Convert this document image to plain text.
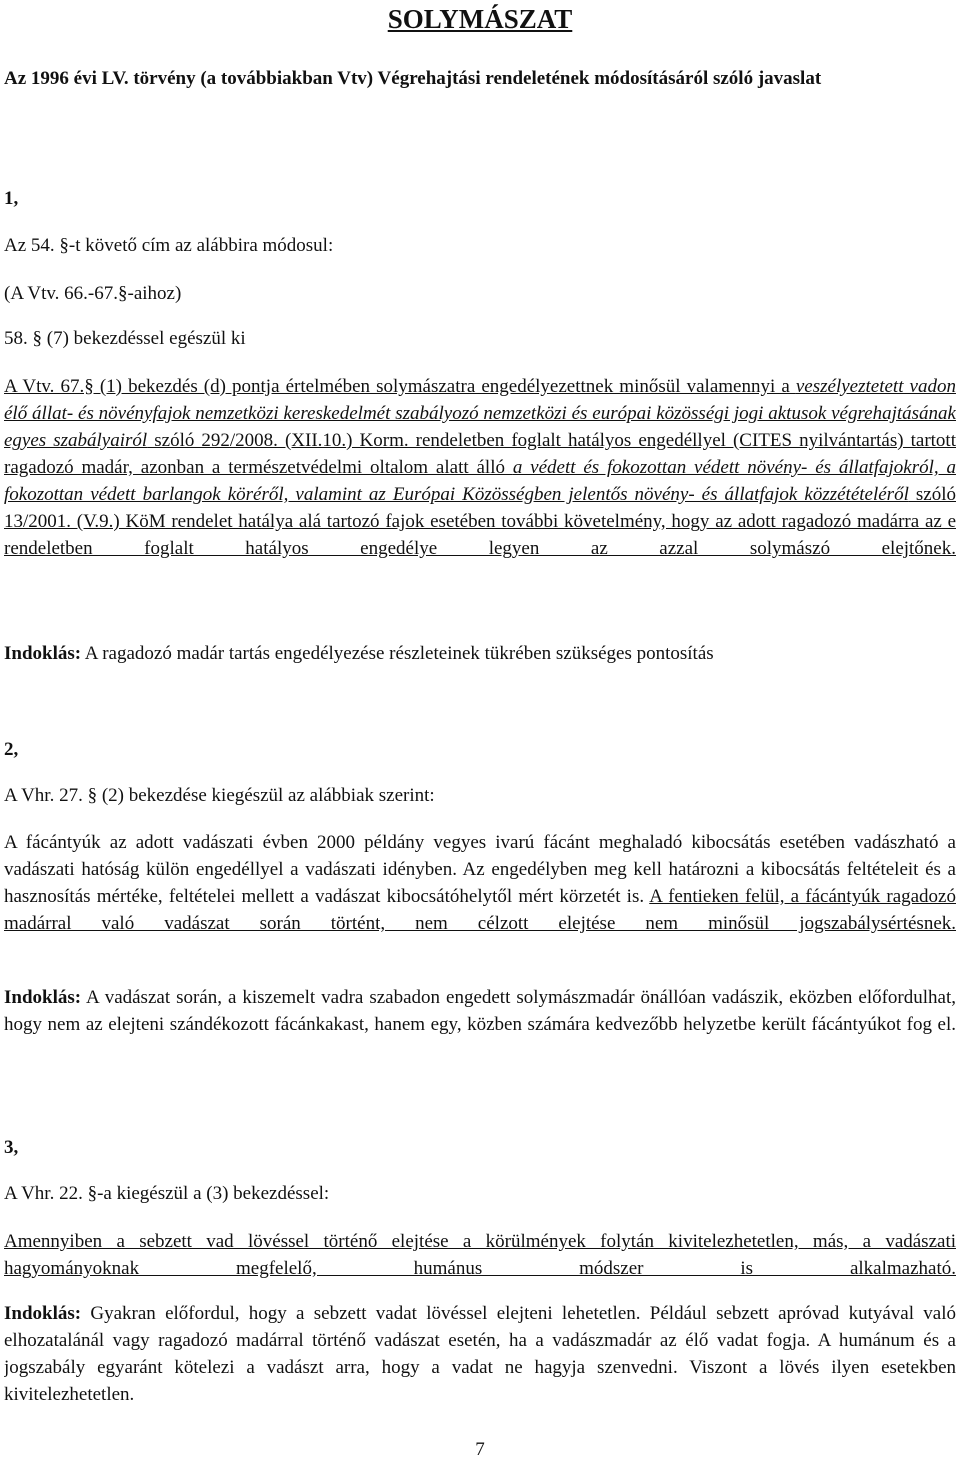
SOLYMÁSZAT

Az 1996 évi LV. törvény (a továbbiakban Vtv) Végrehajtási rendeletének módosításáról szóló javaslat

1,

Az 54. §-t követő cím az alábbira módosul:

(A Vtv. 66.-67.§-aihoz)

58. § (7) bekezdéssel egészül ki

A Vtv. 67.§ (1) bekezdés (d) pontja értelmében solymászatra engedélyezettnek minősül valamennyi a veszélyeztetett vadon élő állat- és növényfajok nemzetközi kereskedelmét szabályozó nemzetközi és európai közösségi jogi aktusok végrehajtásának egyes szabályairól szóló 292/2008. (XII.10.) Korm. rendeletben foglalt hatályos engedéllyel (CITES nyilvántartás) tartott ragadozó madár, azonban a természetvédelmi oltalom alatt álló a védett és fokozottan védett növény- és állatfajokról, a fokozottan védett barlangok köréről, valamint az Európai Közösségben jelentős növény- és állatfajok közzétételéről szóló 13/2001. (V.9.) KöM rendelet hatálya alá tartozó fajok esetében további követelmény, hogy az adott ragadozó madárra az e rendeletben foglalt hatályos engedélye legyen az azzal solymászó elejtőnek.

Indoklás: A ragadozó madár tartás engedélyezése részleteinek tükrében szükséges pontosítás

2,

A Vhr. 27. § (2) bekezdése kiegészül az alábbiak szerint:

A fácántyúk az adott vadászati évben 2000 példány vegyes ivarú fácánt meghaladó kibocsátás esetében vadászható a vadászati hatóság külön engedéllyel a vadászati idényben. Az engedélyben meg kell határozni a kibocsátás feltételeit és a hasznosítás mértéke, feltételei mellett a vadászat kibocsátóhelytől mért körzetét is. A fentieken felül, a fácántyúk ragadozó madárral való vadászat során történt, nem célzott elejtése nem minősül jogszabálysértésnek.

Indoklás: A vadászat során, a kiszemelt vadra szabadon engedett solymászmadár önállóan vadászik, eközben előfordulhat, hogy nem az elejteni szándékozott fácánkakast, hanem egy, közben számára kedvezőbb helyzetbe került fácántyúkot fog el.

3,

A Vhr. 22. §-a kiegészül a (3) bekezdéssel:

Amennyiben a sebzett vad lövéssel történő elejtése a körülmények folytán kivitelezhetetlen, más, a vadászati hagyományoknak megfelelő, humánus módszer is alkalmazható.

Indoklás: Gyakran előfordul, hogy a sebzett vadat lövéssel elejteni lehetetlen. Például sebzett apróvad kutyával való elhozatalánál vagy ragadozó madárral történő vadászat esetén, ha a vadászmadár az élő vadat fogja. A humánum és a jogszabály egyaránt kötelezi a vadászt arra, hogy a vadat ne hagyja szenvedni. Viszont a lövés ilyen esetekben kivitelezhetetlen.

7
